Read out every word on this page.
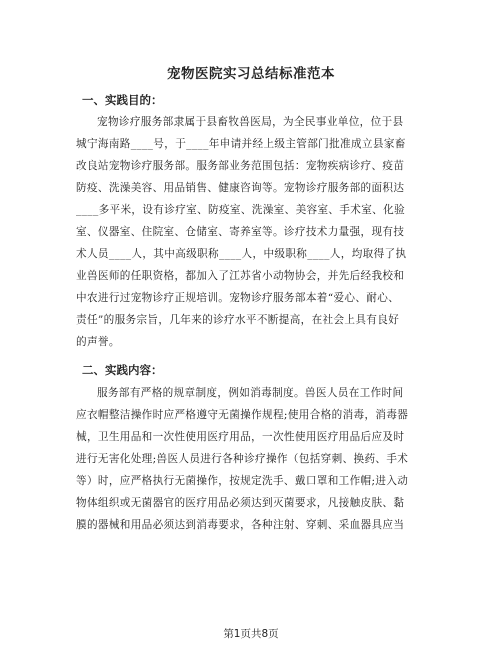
宠物医院实习总结标准范本
一、实践目的：
宠物诊疗服务部隶属于县畜牧兽医局，为全民事业单位，位于县
城宁海南路____号，于____年申请并经上级主管部门批准成立县家畜
改良站宠物诊疗服务部。服务部业务范围包括：宠物疾病诊疗、疫苗
防疫、洗澡美容、用品销售、健康咨询等。宠物诊疗服务部的面积达
____多平米，设有诊疗室、防疫室、洗澡室、美容室、手术室、化验
室、仪器室、住院室、仓储室、寄养室等。诊疗技术力量强，现有技
术人员____人，其中高级职称____人，中级职称____人，均取得了执
业兽医师的任职资格，都加入了江苏省小动物协会，并先后经我校和
中农进行过宠物诊疗正规培训。宠物诊疗服务部本着“爱心、耐心、
责任”的服务宗旨，几年来的诊疗水平不断提高，在社会上具有良好
的声誉。
二、实践内容：
服务部有严格的规章制度，例如消毒制度。兽医人员在工作时间
应衣帽整洁操作时应严格遵守无菌操作规程;使用合格的消毒，消毒器
械，卫生用品和一次性使用医疗用品，一次性使用医疗用品后应及时
进行无害化处理;兽医人员进行各种诊疗操作（包括穿刺、换药、手术
等）时，应严格执行无菌操作，按规定洗手、戴口罩和工作帽;进入动
物体组织或无菌器官的医疗用品必须达到灭菌要求，凡接触皮肤、黏
膜的器械和用品必须达到消毒要求，各种注射、穿刺、采血器具应当
第1页共8页
